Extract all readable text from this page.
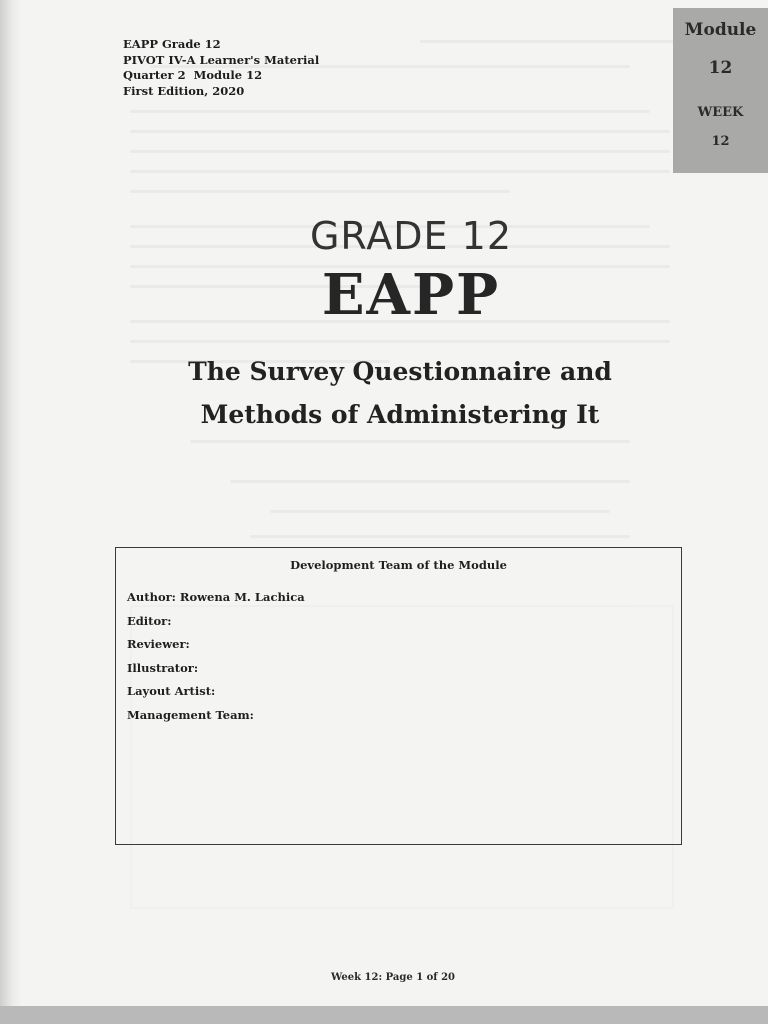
EAPP Grade 12
PIVOT IV-A Learner's Material
Quarter 2  Module 12
First Edition, 2020
Module
12
WEEK
12
GRADE 12
EAPP
The Survey Questionnaire and
Methods of Administering It
Development Team of the Module
Author: Rowena M. Lachica
Editor:
Reviewer:
Illustrator:
Layout Artist:
Management Team:
Week 12: Page 1 of 20
